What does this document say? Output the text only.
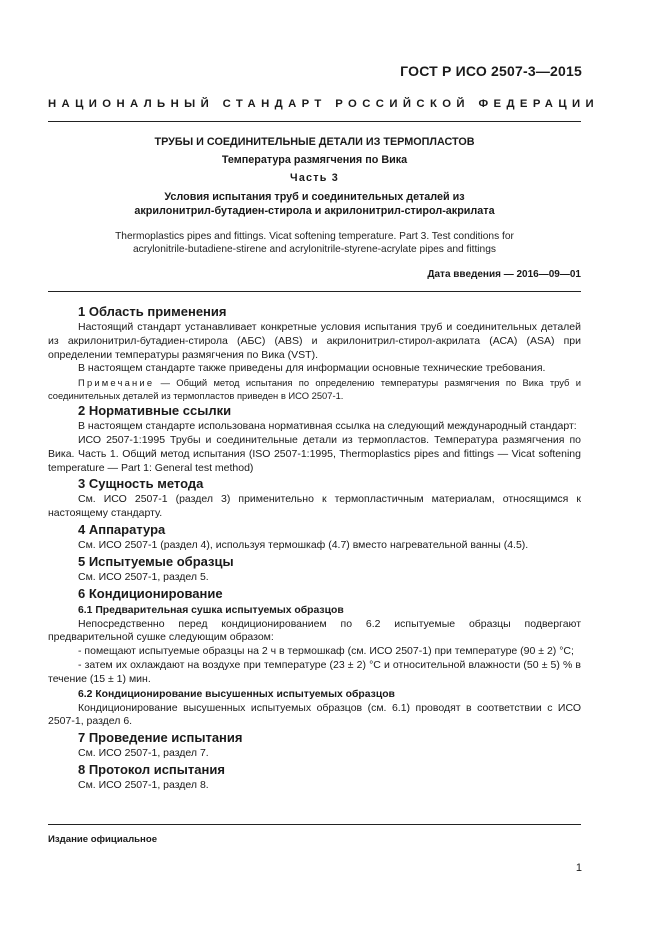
ГОСТ Р ИСО 2507-3—2015
НАЦИОНАЛЬНЫЙ СТАНДАРТ РОССИЙСКОЙ ФЕДЕРАЦИИ
ТРУБЫ И СОЕДИНИТЕЛЬНЫЕ ДЕТАЛИ ИЗ ТЕРМОПЛАСТОВ
Температура размягчения по Вика
Часть 3
Условия испытания труб и соединительных деталей из
акрилонитрил-бутадиен-стирола и акрилонитрил-стирол-акрилата
Thermoplastics pipes and fittings. Vicat softening temperature. Part 3. Test conditions for
acrylonitrile-butadiene-stirene and acrylonitrile-styrene-acrylate pipes and fittings
Дата введения — 2016—09—01
1 Область применения

Настоящий стандарт устанавливает конкретные условия испытания труб и соединительных деталей из акрилонитрил-бутадиен-стирола (АБС) (ABS) и акрилонитрил-стирол-акрилата (АСА) (ASA) при определении температуры размягчения по Вика (VST).

В настоящем стандарте также приведены для информации основные технические требования.

Примечание — Общий метод испытания по определению температуры размягчения по Вика труб и соединительных деталей из термопластов приведен в ИСО 2507-1.

2 Нормативные ссылки

В настоящем стандарте использована нормативная ссылка на следующий международный стандарт:

ИСО 2507-1:1995 Трубы и соединительные детали из термопластов. Температура размягчения по Вика. Часть 1. Общий метод испытания (ISO 2507-1:1995, Thermoplastics pipes and fittings — Vicat softening temperature — Part 1: General test method)

3 Сущность метода

См. ИСО 2507-1 (раздел 3) применительно к термопластичным материалам, относящимся к настоящему стандарту.

4 Аппаратура

См. ИСО 2507-1 (раздел 4), используя термошкаф (4.7) вместо нагревательной ванны (4.5).

5 Испытуемые образцы

См. ИСО 2507-1, раздел 5.

6 Кондиционирование
6.1 Предварительная сушка испытуемых образцов

Непосредственно перед кондиционированием по 6.2 испытуемые образцы подвергают предварительной сушке следующим образом:

- помещают испытуемые образцы на 2 ч в термошкаф (см. ИСО 2507-1) при температуре (90 ± 2) °С;

- затем их охлаждают на воздухе при температуре (23 ± 2) °С и относительной влажности (50 ± 5) % в течение (15 ± 1) мин.

6.2 Кондиционирование высушенных испытуемых образцов

Кондиционирование высушенных испытуемых образцов (см. 6.1) проводят в соответствии с ИСО 2507-1, раздел 6.

7 Проведение испытания

См. ИСО 2507-1, раздел 7.

8 Протокол испытания

См. ИСО 2507-1, раздел 8.

Издание официальное
1
